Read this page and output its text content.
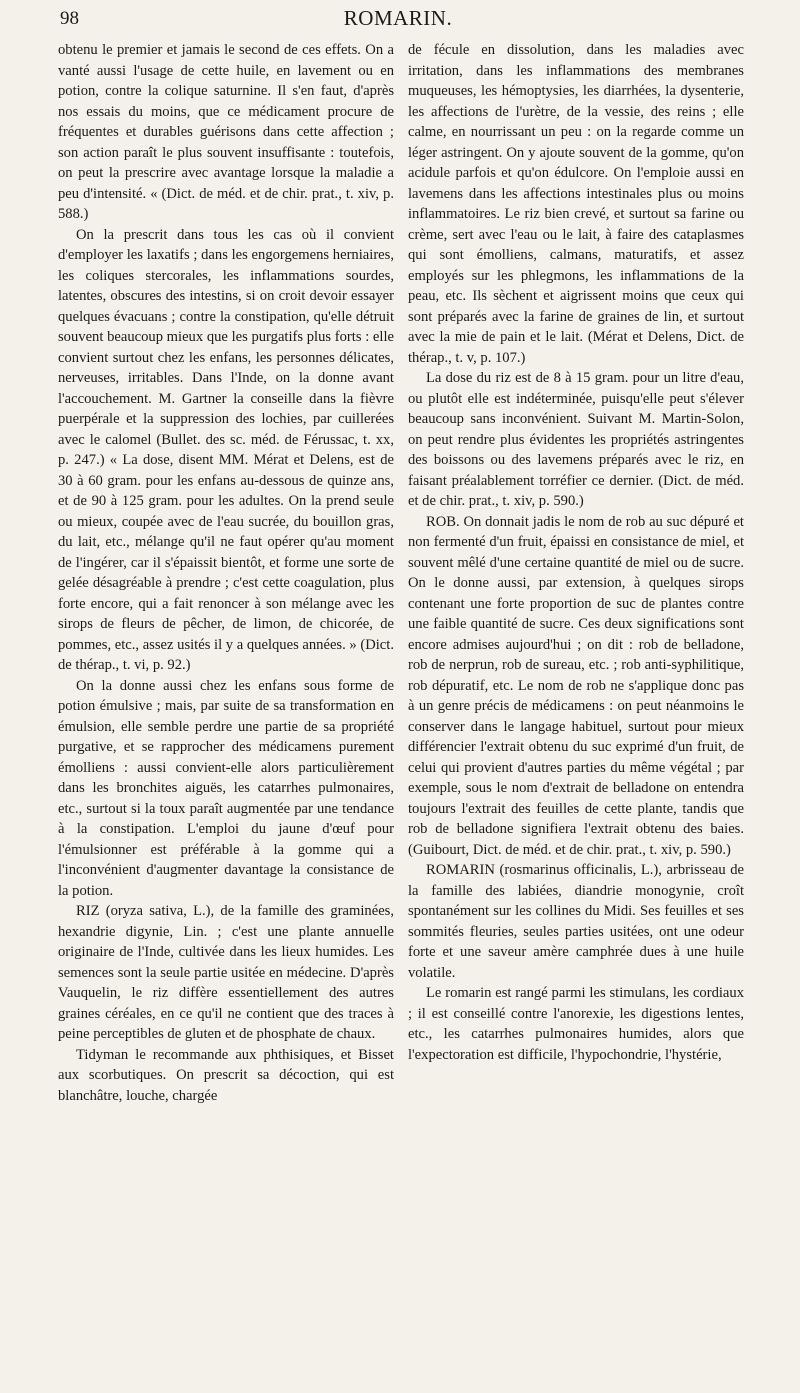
98	ROMARIN.

obtenu le premier et jamais le second de ces effets. On a vanté aussi l'usage de cette huile, en lavement ou en potion, contre la colique saturnine. Il s'en faut, d'après nos essais du moins, que ce médicament procure de fréquentes et durables guérisons dans cette affection ; son action paraît le plus souvent insuffisante : toutefois, on peut la prescrire avec avantage lorsque la maladie a peu d'intensité. « (Dict. de méd. et de chir. prat., t. xiv, p. 588.)

On la prescrit dans tous les cas où il convient d'employer les laxatifs ; dans les engorgemens herniaires, les coliques stercorales, les inflammations sourdes, latentes, obscures des intestins, si on croit devoir essayer quelques évacuans ; contre la constipation, qu'elle détruit souvent beaucoup mieux que les purgatifs plus forts : elle convient surtout chez les enfans, les personnes délicates, nerveuses, irritables. Dans l'Inde, on la donne avant l'accouchement. M. Gartner la conseille dans la fièvre puerpérale et la suppression des lochies, par cuillerées avec le calomel (Bullet. des sc. méd. de Férussac, t. xx, p. 247.) « La dose, disent MM. Mérat et Delens, est de 30 à 60 gram. pour les enfans au-dessous de quinze ans, et de 90 à 125 gram. pour les adultes. On la prend seule ou mieux, coupée avec de l'eau sucrée, du bouillon gras, du lait, etc., mélange qu'il ne faut opérer qu'au moment de l'ingérer, car il s'épaissit bientôt, et forme une sorte de gelée désagréable à prendre ; c'est cette coagulation, plus forte encore, qui a fait renoncer à son mélange avec les sirops de fleurs de pêcher, de limon, de chicorée, de pommes, etc., assez usités il y a quelques années. » (Dict. de thérap., t. vi, p. 92.)

On la donne aussi chez les enfans sous forme de potion émulsive ; mais, par suite de sa transformation en émulsion, elle semble perdre une partie de sa propriété purgative, et se rapprocher des médicamens purement émolliens : aussi convient-elle alors particulièrement dans les bronchites aiguës, les catarrhes pulmonaires, etc., surtout si la toux paraît augmentée par une tendance à la constipation. L'emploi du jaune d'œuf pour l'émulsionner est préférable à la gomme qui a l'inconvénient d'augmenter davantage la consistance de la potion.

RIZ (oryza sativa, L.), de la famille des graminées, hexandrie digynie, Lin. ; c'est une plante annuelle originaire de l'Inde, cultivée dans les lieux humides. Les semences sont la seule partie usitée en médecine. D'après Vauquelin, le riz diffère essentiellement des autres graines céréales, en ce qu'il ne contient que des traces à peine perceptibles de gluten et de phosphate de chaux.

Tidyman le recommande aux phthisiques, et Bisset aux scorbutiques. On prescrit sa décoction, qui est blanchâtre, louche, chargée

de fécule en dissolution, dans les maladies avec irritation, dans les inflammations des membranes muqueuses, les hémoptysies, les diarrhées, la dysenterie, les affections de l'urètre, de la vessie, des reins ; elle calme, en nourrissant un peu : on la regarde comme un léger astringent. On y ajoute souvent de la gomme, qu'on acidule parfois et qu'on édulcore. On l'emploie aussi en lavemens dans les affections intestinales plus ou moins inflammatoires. Le riz bien crevé, et surtout sa farine ou crème, sert avec l'eau ou le lait, à faire des cataplasmes qui sont émolliens, calmans, maturatifs, et assez employés sur les phlegmons, les inflammations de la peau, etc. Ils sèchent et aigrissent moins que ceux qui sont préparés avec la farine de graines de lin, et surtout avec la mie de pain et le lait. (Mérat et Delens, Dict. de thérap., t. v, p. 107.)

La dose du riz est de 8 à 15 gram. pour un litre d'eau, ou plutôt elle est indéterminée, puisqu'elle peut s'élever beaucoup sans inconvénient. Suivant M. Martin-Solon, on peut rendre plus évidentes les propriétés astringentes des boissons ou des lavemens préparés avec le riz, en faisant préalablement torréfier ce dernier. (Dict. de méd. et de chir. prat., t. xiv, p. 590.)

ROB. On donnait jadis le nom de rob au suc dépuré et non fermenté d'un fruit, épaissi en consistance de miel, et souvent mêlé d'une certaine quantité de miel ou de sucre. On le donne aussi, par extension, à quelques sirops contenant une forte proportion de suc de plantes contre une faible quantité de sucre. Ces deux significations sont encore admises aujourd'hui ; on dit : rob de belladone, rob de nerprun, rob de sureau, etc. ; rob anti-syphilitique, rob dépuratif, etc. Le nom de rob ne s'applique donc pas à un genre précis de médicamens : on peut néanmoins le conserver dans le langage habituel, surtout pour mieux différencier l'extrait obtenu du suc exprimé d'un fruit, de celui qui provient d'autres parties du même végétal ; par exemple, sous le nom d'extrait de belladone on entendra toujours l'extrait des feuilles de cette plante, tandis que rob de belladone signifiera l'extrait obtenu des baies. (Guibourt, Dict. de méd. et de chir. prat., t. xiv, p. 590.)

ROMARIN (rosmarinus officinalis, L.), arbrisseau de la famille des labiées, diandrie monogynie, croît spontanément sur les collines du Midi. Ses feuilles et ses sommités fleuries, seules parties usitées, ont une odeur forte et une saveur amère camphrée dues à une huile volatile.

Le romarin est rangé parmi les stimulans, les cordiaux ; il est conseillé contre l'anorexie, les digestions lentes, etc., les catarrhes pulmonaires humides, alors que l'expectoration est difficile, l'hypochondrie, l'hystérie,
